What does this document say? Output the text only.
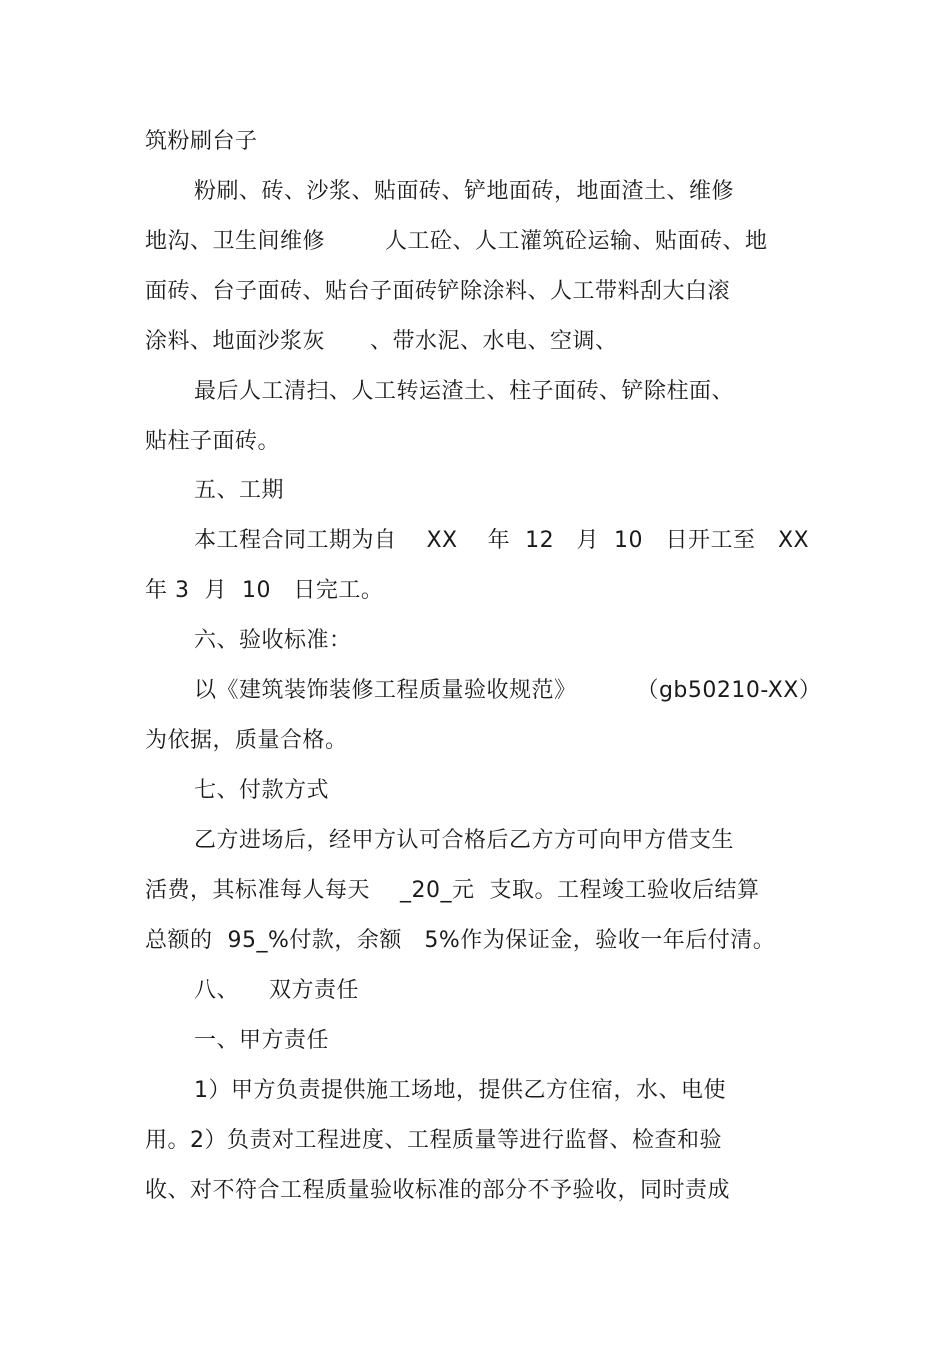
筑粉刷台子
粉刷、砖、沙浆、贴面砖、铲地面砖，地面渣土、维修
地沟、卫生间维修        人工砼、人工灌筑砼运输、贴面砖、地
面砖、台子面砖、贴台子面砖铲除涂料、人工带料刮大白滚
涂料、地面沙浆灰      、带水泥、水电、空调、
最后人工清扫、人工转运渣土、柱子面砖、铲除柱面、
贴柱子面砖。
五、工期
本工程合同工期为自    XX    年  12   月  10   日开工至   XX
年 3  月  10   日完工。
六、验收标准：
以《建筑装饰装修工程质量验收规范》        （gb50210-XX）
为依据，质量合格。
七、付款方式
乙方进场后，经甲方认可合格后乙方方可向甲方借支生
活费，其标准每人每天    _20_元  支取。工程竣工验收后结算
总额的  95_%付款，余额   5%作为保证金，验收一年后付清。
八、    双方责任
一、甲方责任
1）甲方负责提供施工场地，提供乙方住宿，水、电使
用。2）负责对工程进度、工程质量等进行监督、检查和验
收、对不符合工程质量验收标准的部分不予验收，同时责成
